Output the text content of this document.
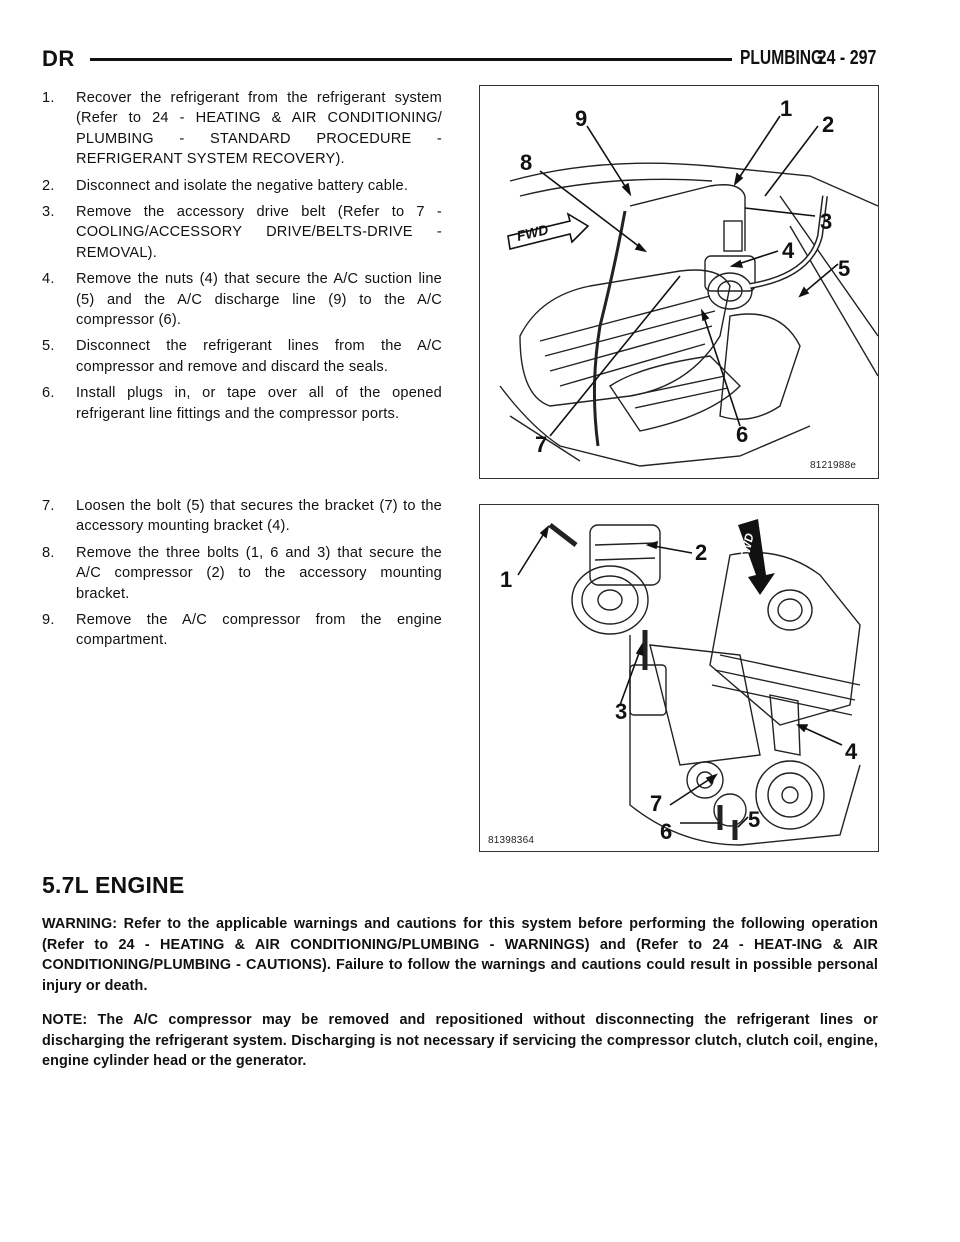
DR	PLUMBING
24 - 297

1. Recover the refrigerant from the refrigerant system (Refer to 24 - HEATING & AIR CONDITIONING/ PLUMBING - STANDARD PROCEDURE - REFRIGERANT SYSTEM RECOVERY).

2. Disconnect and isolate the negative battery cable.

3. Remove the accessory drive belt (Refer to 7 - COOLING/ACCESSORY DRIVE/BELTS-DRIVE - REMOVAL).

4. Remove the nuts (4) that secure the A/C suction line (5) and the A/C discharge line (9) to the A/C compressor (6).

5. Disconnect the refrigerant lines from the A/C compressor and remove and discard the seals.

6. Install plugs in, or tape over all of the opened refrigerant line fittings and the compressor ports.

FWD
9	1
2
8
3
4
5
7	6
8121988e

7. Loosen the bolt (5) that secures the bracket (7) to the accessory mounting bracket (4).

8. Remove the three bolts (1, 6 and 3) that secure the A/C compressor (2) to the accessory mounting bracket.

9. Remove the A/C compressor from the engine compartment.

FWD
2
1
3
4
7
5
6
81398364
5.7L ENGINE
WARNING: Refer to the applicable warnings and cautions for this system before performing the following operation (Refer to 24 - HEATING & AIR CONDITIONING/PLUMBING - WARNINGS) and (Refer to 24 - HEAT-ING & AIR CONDITIONING/PLUMBING - CAUTIONS). Failure to follow the warnings and cautions could result in possible personal injury or death.
NOTE: The A/C compressor may be removed and repositioned without disconnecting the refrigerant lines or discharging the refrigerant system. Discharging is not necessary if servicing the compressor clutch, clutch coil, engine, engine cylinder head or the generator.
